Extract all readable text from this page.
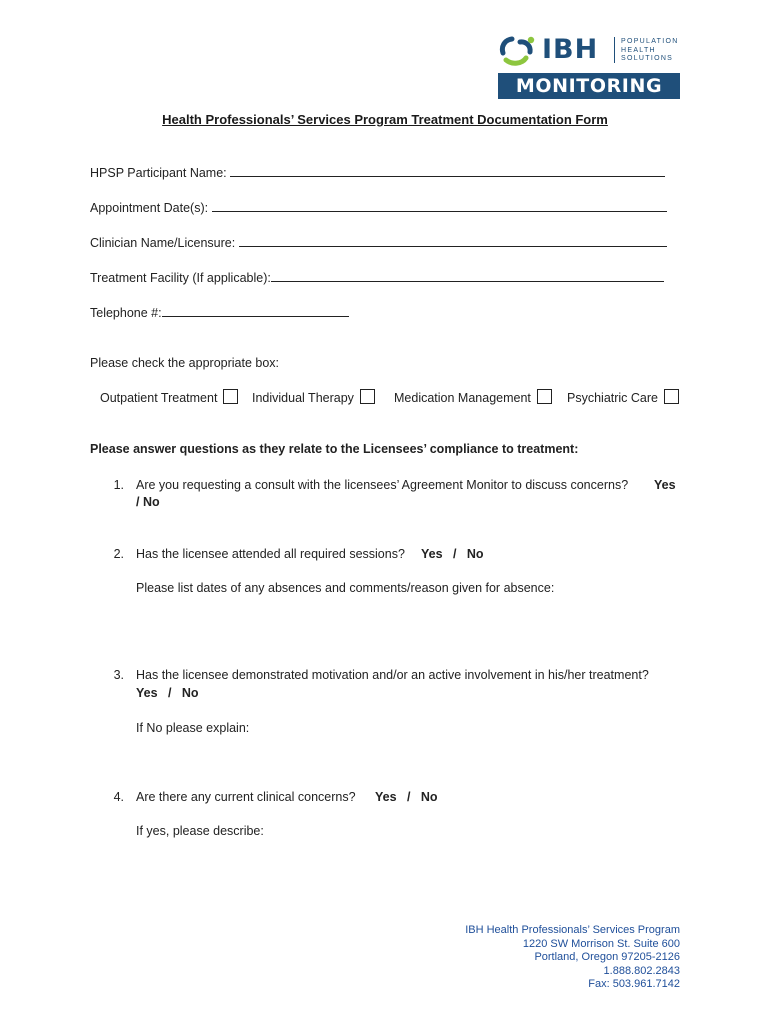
IBH	POPULATION
HEALTH
SOLUTIONS
MONITORING
Health Professionals’ Services Program Treatment Documentation Form
HPSP Participant Name:
Appointment Date(s):
Clinician Name/Licensure:
Treatment Facility (If applicable):
Telephone #:
Please check the appropriate box:
Outpatient Treatment	Individual Therapy	Medication Management	Psychiatric Care
Please answer questions as they relate to the Licensees’ compliance to treatment:
1. Are you requesting a consult with the licensees’ Agreement Monitor to discuss concerns? Yes
/ No
2. Has the licensee attended all required sessions? Yes   /   No
Please list dates of any absences and comments/reason given for absence:
3. Has the licensee demonstrated motivation and/or an active involvement in his/her treatment?
Yes   /   No
If No please explain:
4. Are there any current clinical concerns? Yes   /   No
If yes, please describe:
IBH Health Professionals’ Services Program
1220 SW Morrison St. Suite 600
Portland, Oregon 97205-2126
1.888.802.2843
Fax: 503.961.7142
